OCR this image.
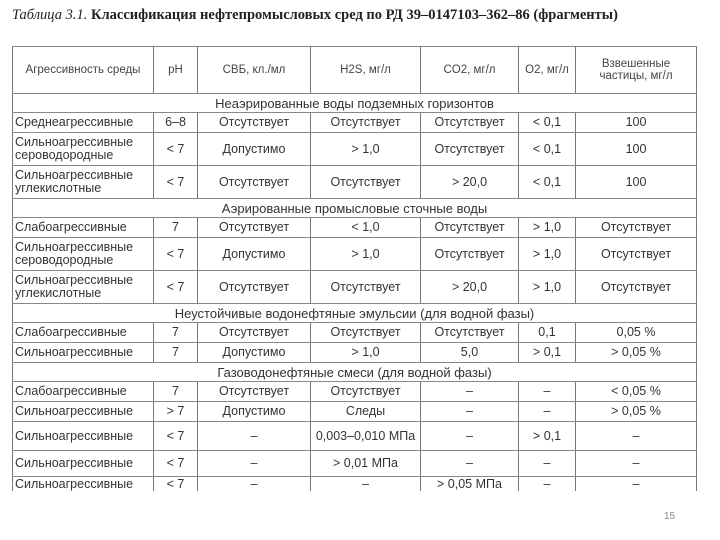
Таблица 3.1. Классификация нефтепромысловых сред по РД 39–0147103–362–86 (фрагменты)
Агрессивность среды	pH	СВБ, кл./мл	H2S, мг/л	CO2, мг/л	O2, мг/л	Взвешенные частицы, мг/л
Неаэрированные воды подземных горизонтов						
Среднеагрессивные	6–8	Отсутствует	Отсутствует	Отсутствует	< 0,1	100
Сильноагрессивные сероводородные	< 7	Допустимо	> 1,0	Отсутствует	< 0,1	100
Сильноагрессивные углекислотные	< 7	Отсутствует	Отсутствует	> 20,0	< 0,1	100
Аэрированные промысловые сточные воды						
Слабоагрессивные	7	Отсутствует	< 1,0	Отсутствует	> 1,0	Отсутствует
Сильноагрессивные сероводородные	< 7	Допустимо	> 1,0	Отсутствует	> 1,0	Отсутствует
Сильноагрессивные углекислотные	< 7	Отсутствует	Отсутствует	> 20,0	> 1,0	Отсутствует
Неустойчивые водонефтяные эмульсии (для водной фазы)						
Слабоагрессивные	7	Отсутствует	Отсутствует	Отсутствует	0,1	0,05 %
Сильноагрессивные	7	Допустимо	> 1,0	5,0	> 0,1	> 0,05 %
Газоводонефтяные смеси (для водной фазы)						
Слабоагрессивные	7	Отсутствует	Отсутствует	–	–	< 0,05 %
Сильноагрессивные	> 7	Допустимо	Следы	–	–	> 0,05 %
Сильноагрессивные	< 7	–	0,003–0,010 МПа	–	> 0,1	–
Сильноагрессивные	< 7	–	> 0,01 МПа	–	–	–
Сильноагрессивные	< 7	–	–	> 0,05 МПа	–	–
15
